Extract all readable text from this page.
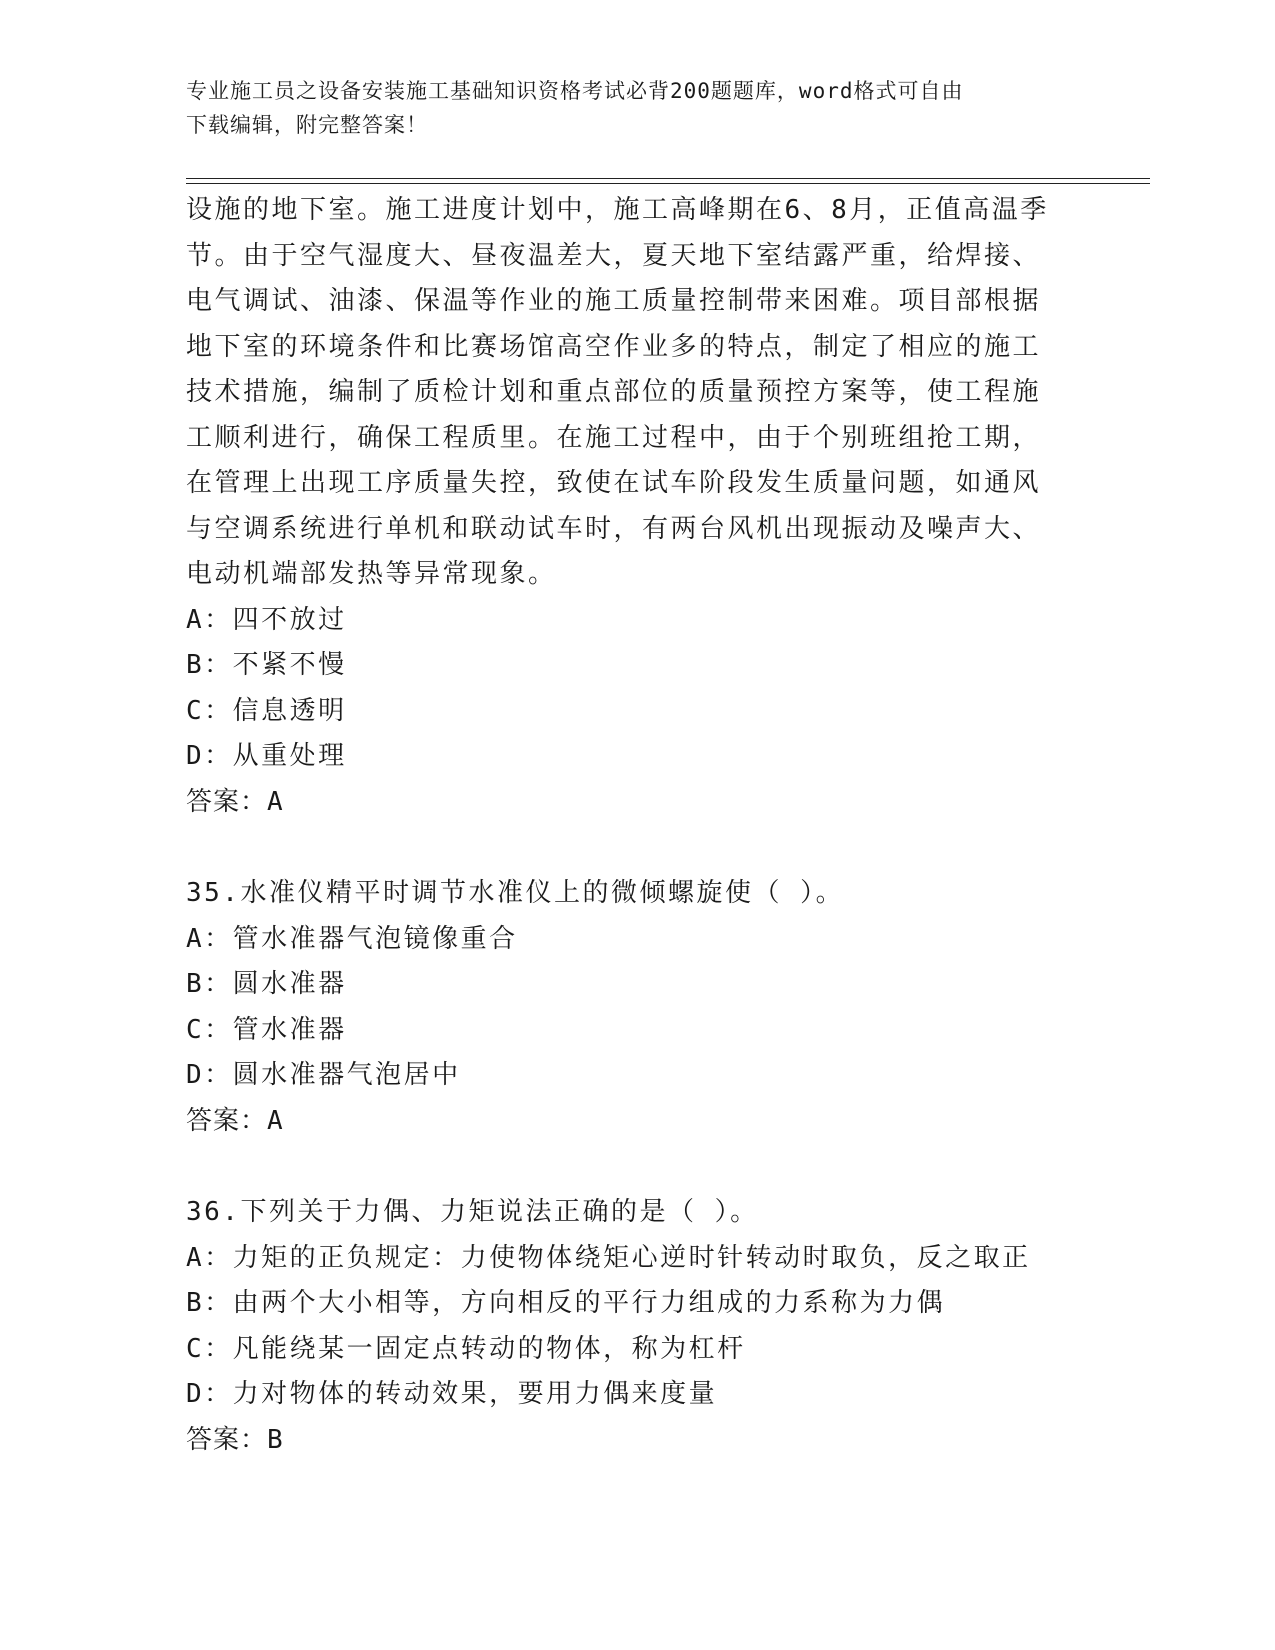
专业施工员之设备安装施工基础知识资格考试必背200题题库，word格式可自由
下载编辑，附完整答案！
设施的地下室。施工进度计划中，施工高峰期在6、8月，正值高温季
节。由于空气湿度大、昼夜温差大，夏天地下室结露严重，给焊接、
电气调试、油漆、保温等作业的施工质量控制带来困难。项目部根据
地下室的环境条件和比赛场馆高空作业多的特点，制定了相应的施工
技术措施，编制了质检计划和重点部位的质量预控方案等，使工程施
工顺利进行，确保工程质里。在施工过程中，由于个别班组抢工期，
在管理上出现工序质量失控，致使在试车阶段发生质量问题，如通风
与空调系统进行单机和联动试车时，有两台风机出现振动及噪声大、
电动机端部发热等异常现象。
A：四不放过
B：不紧不慢
C：信息透明
D：从重处理
答案：A
35.水准仪精平时调节水准仪上的微倾螺旋使（ ）。
A：管水准器气泡镜像重合
B：圆水准器
C：管水准器
D：圆水准器气泡居中
答案：A
36.下列关于力偶、力矩说法正确的是（ ）。
A：力矩的正负规定：力使物体绕矩心逆时针转动时取负，反之取正
B：由两个大小相等，方向相反的平行力组成的力系称为力偶
C：凡能绕某一固定点转动的物体，称为杠杆
D：力对物体的转动效果，要用力偶来度量
答案：B
